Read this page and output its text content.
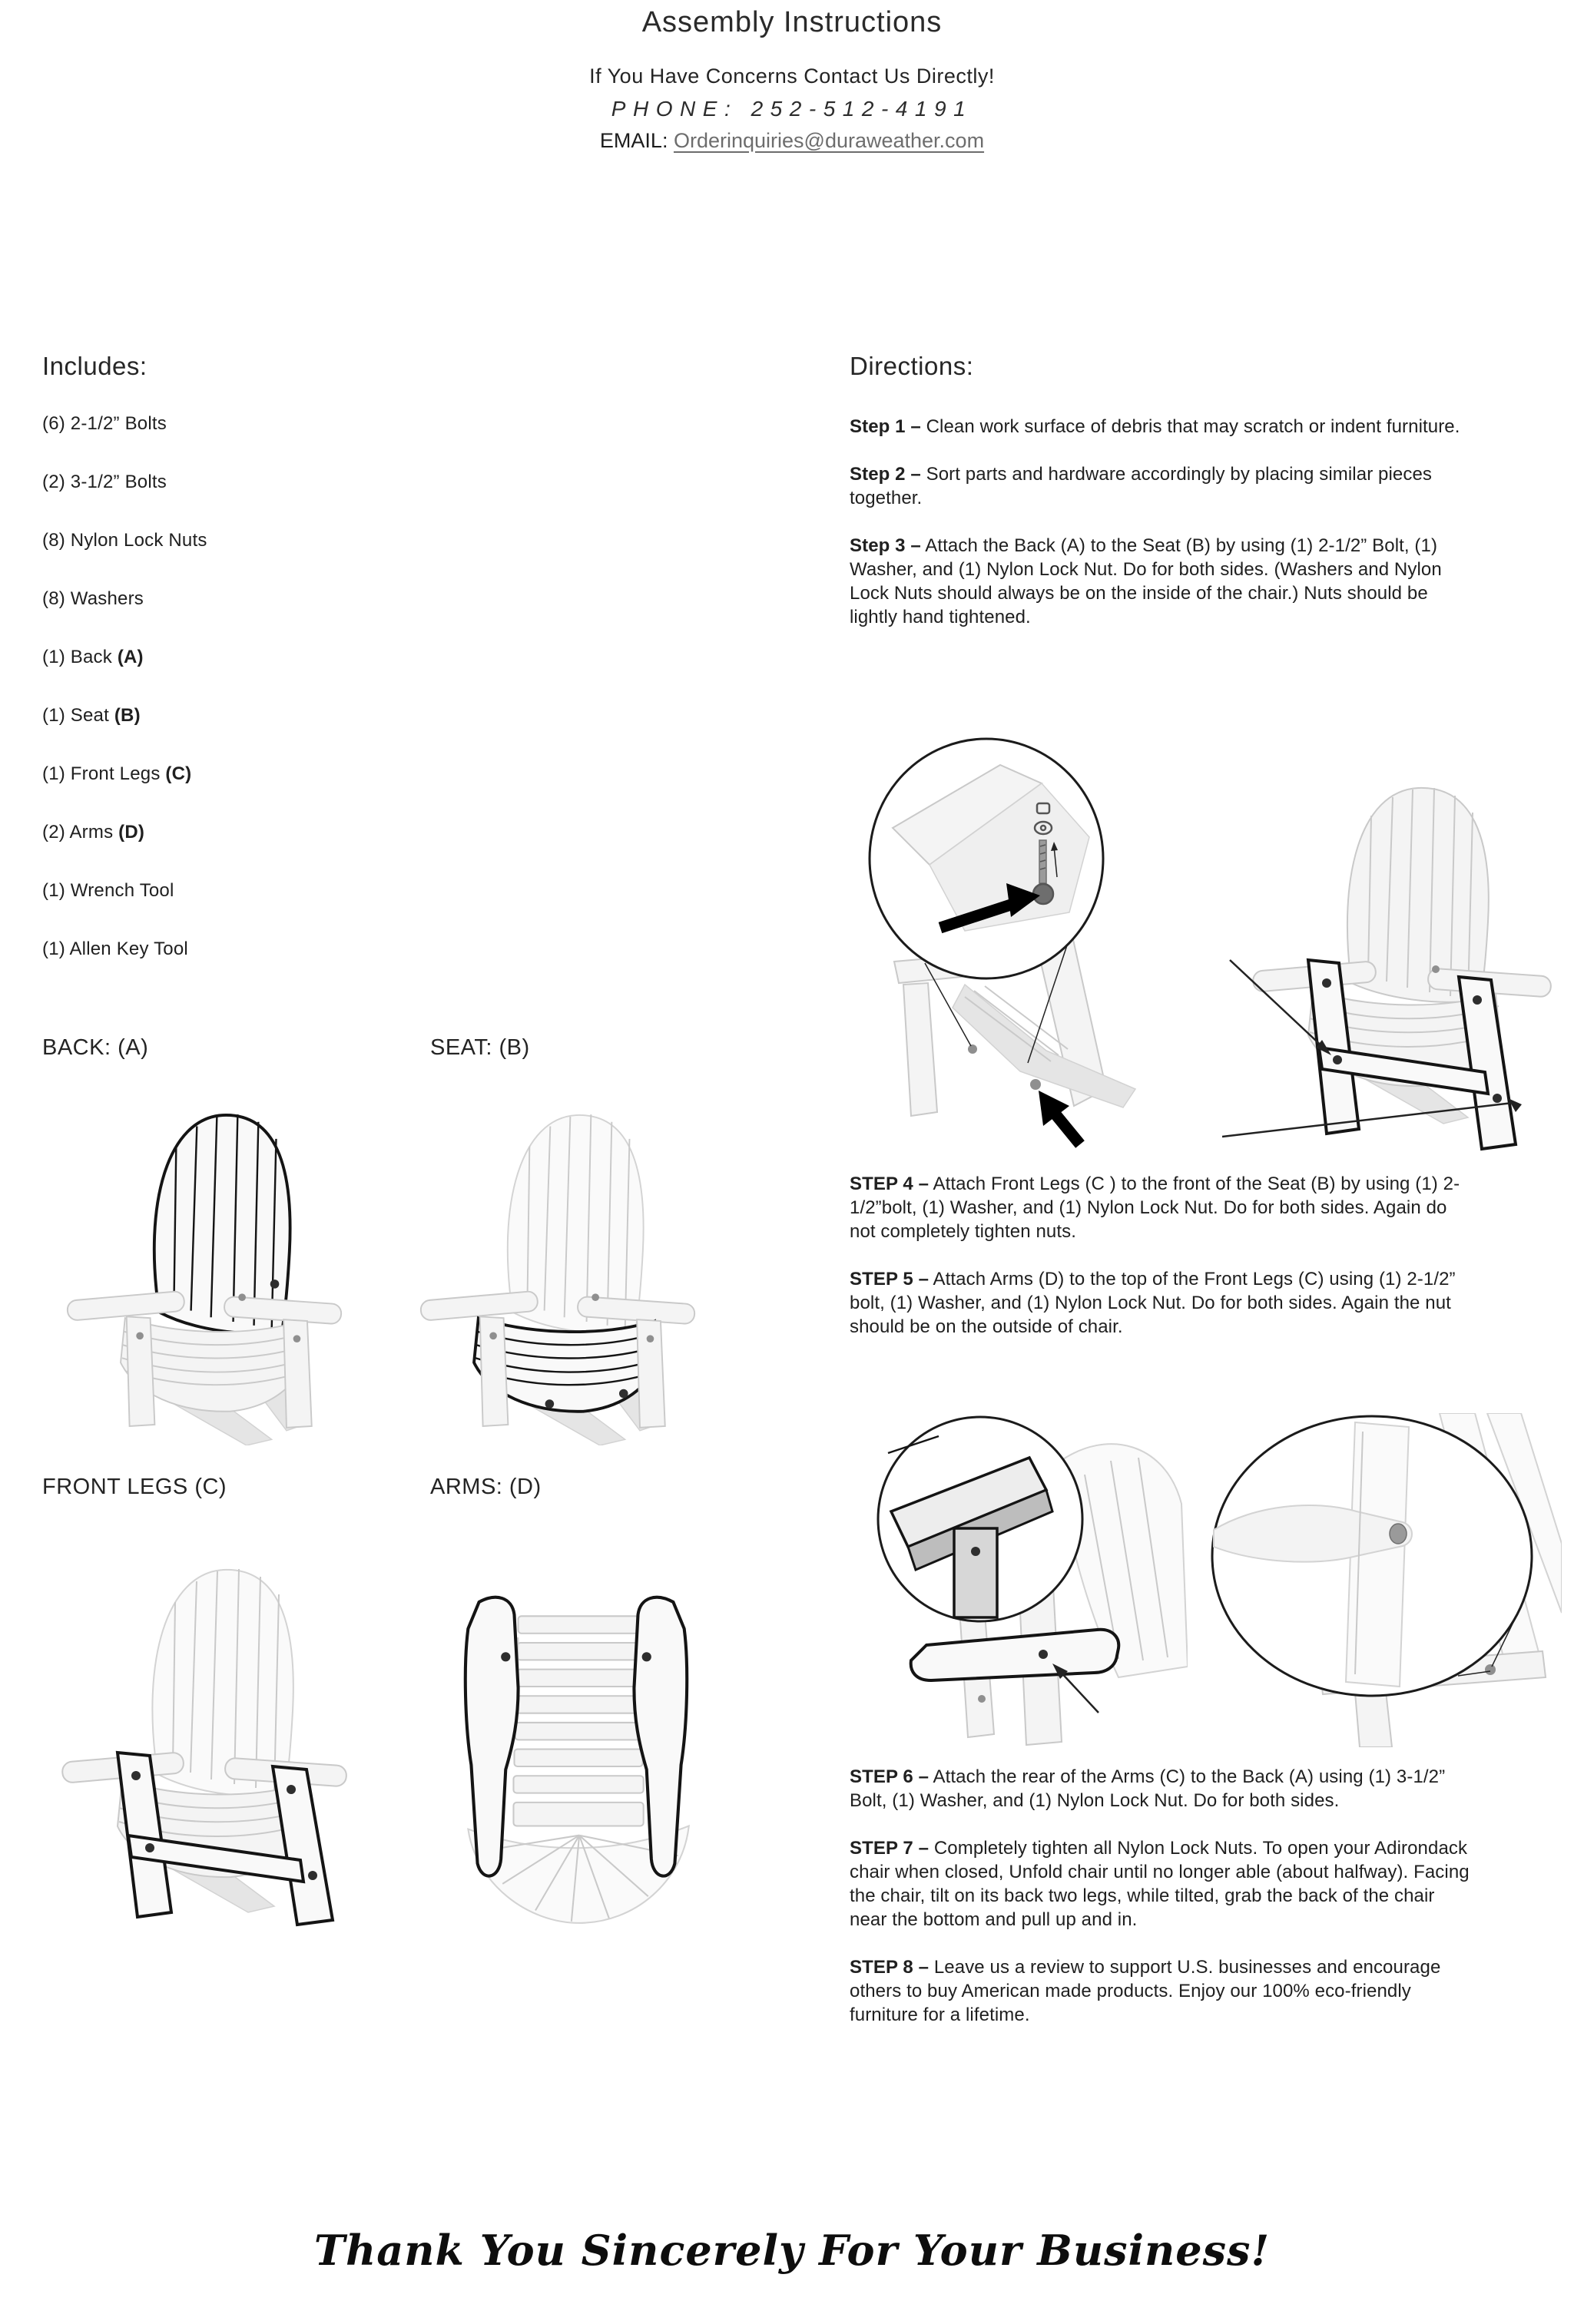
Assembly Instructions
If You Have Concerns Contact Us Directly!
PHONE: 252-512-4191
EMAIL: Orderinquiries@duraweather.com
Includes:
(6) 2-1/2” Bolts
(2) 3-1/2” Bolts
(8) Nylon Lock Nuts
(8) Washers
(1) Back (A)
(1) Seat (B)
(1) Front Legs (C)
(2) Arms (D)
(1) Wrench Tool
(1) Allen Key Tool
Directions:

Step 1 – Clean work surface of debris that may scratch or indent furniture.

Step 2 – Sort parts and hardware accordingly by placing similar pieces together.

Step 3 – Attach the Back (A) to the Seat (B) by using (1) 2-1/2” Bolt, (1) Washer, and (1) Nylon Lock Nut. Do for both sides. (Washers and Nylon Lock Nuts should always be on the inside of the chair.) Nuts should be lightly hand tightened.

STEP 4 – Attach Front Legs (C ) to the front of the Seat (B) by using (1) 2-1/2”bolt, (1) Washer, and (1) Nylon Lock Nut. Do for both sides. Again do not completely tighten nuts.

STEP 5 – Attach Arms (D) to the top of the Front Legs (C) using (1) 2-1/2” bolt, (1) Washer, and (1) Nylon Lock Nut. Do for both sides. Again the nut should be on the outside of chair.

STEP 6 – Attach the rear of the Arms (C) to the Back (A) using (1) 3-1/2” Bolt, (1) Washer, and (1) Nylon Lock Nut. Do for both sides.

STEP 7 – Completely tighten all Nylon Lock Nuts. To open your Adirondack chair when closed, Unfold chair until no longer able (about halfway). Facing the chair, tilt on its back two legs, while tilted, grab the back of the chair near the bottom and pull up and in.

STEP 8 – Leave us a review to support U.S. businesses and encourage others to buy American made products. Enjoy our 100% eco-friendly furniture for a lifetime.

BACK: (A)	SEAT: (B)
FRONT LEGS (C)	ARMS: (D)
Thank You Sincerely For Your Business!
